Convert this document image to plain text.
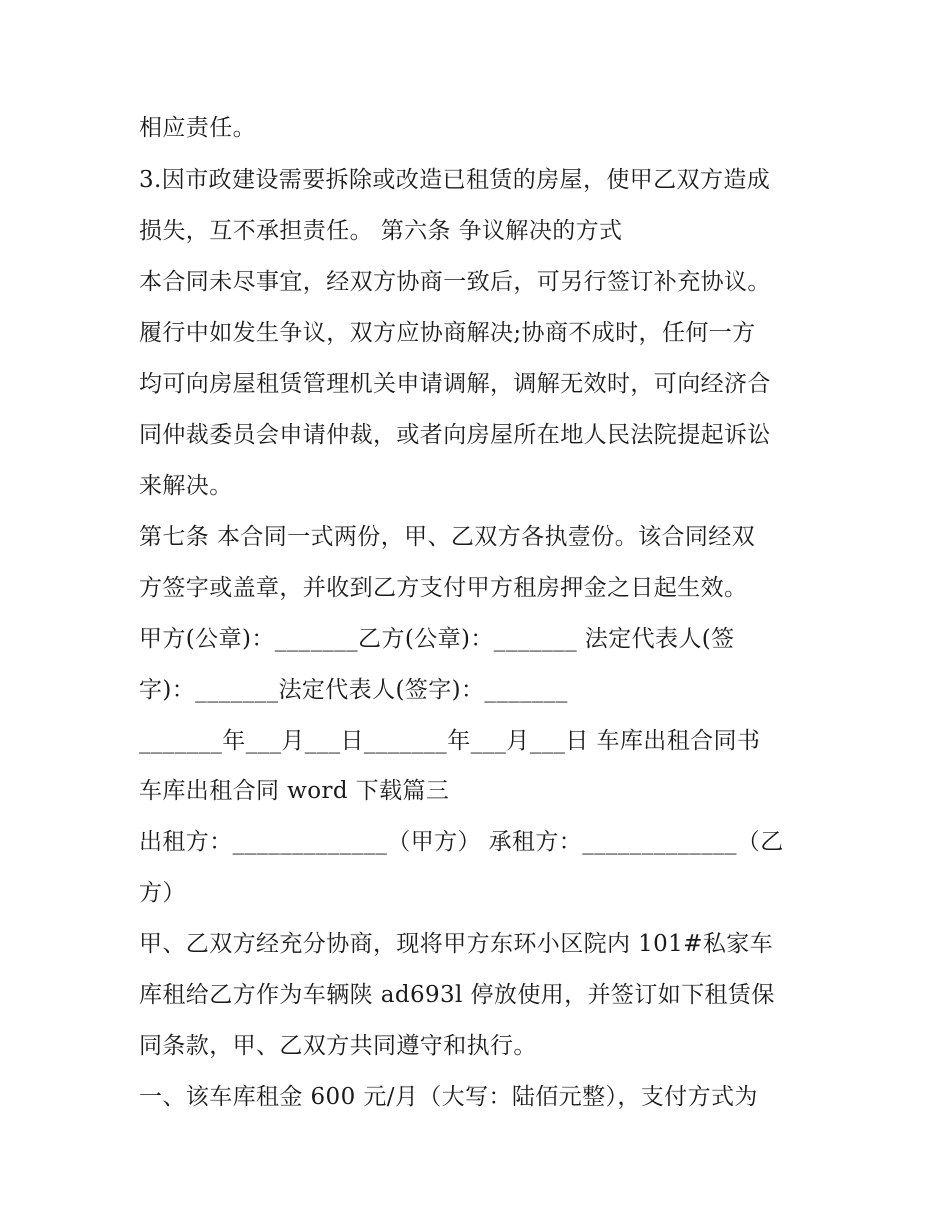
相应责任。
3.因市政建设需要拆除或改造已租赁的房屋，使甲乙双方造成
损失，互不承担责任。 第六条 争议解决的方式
本合同未尽事宜，经双方协商一致后，可另行签订补充协议。
履行中如发生争议，双方应协商解决;协商不成时，任何一方
均可向房屋租赁管理机关申请调解，调解无效时，可向经济合
同仲裁委员会申请仲裁，或者向房屋所在地人民法院提起诉讼
来解决。
第七条 本合同一式两份，甲、乙双方各执壹份。该合同经双
方签字或盖章，并收到乙方支付甲方租房押金之日起生效。
甲方(公章)：_______乙方(公章)：_______ 法定代表人(签
字)：_______法定代表人(签字)：_______
_______年___月___日_______年___月___日 车库出租合同书
车库出租合同 word 下载篇三
出租方：_____________（甲方） 承租方：_____________（乙
方）
甲、乙双方经充分协商，现将甲方东环小区院内 101#私家车
库租给乙方作为车辆陕 ad693l 停放使用，并签订如下租赁保
同条款，甲、乙双方共同遵守和执行。
一、该车库租金 600 元/月（大写：陆佰元整），支付方式为
